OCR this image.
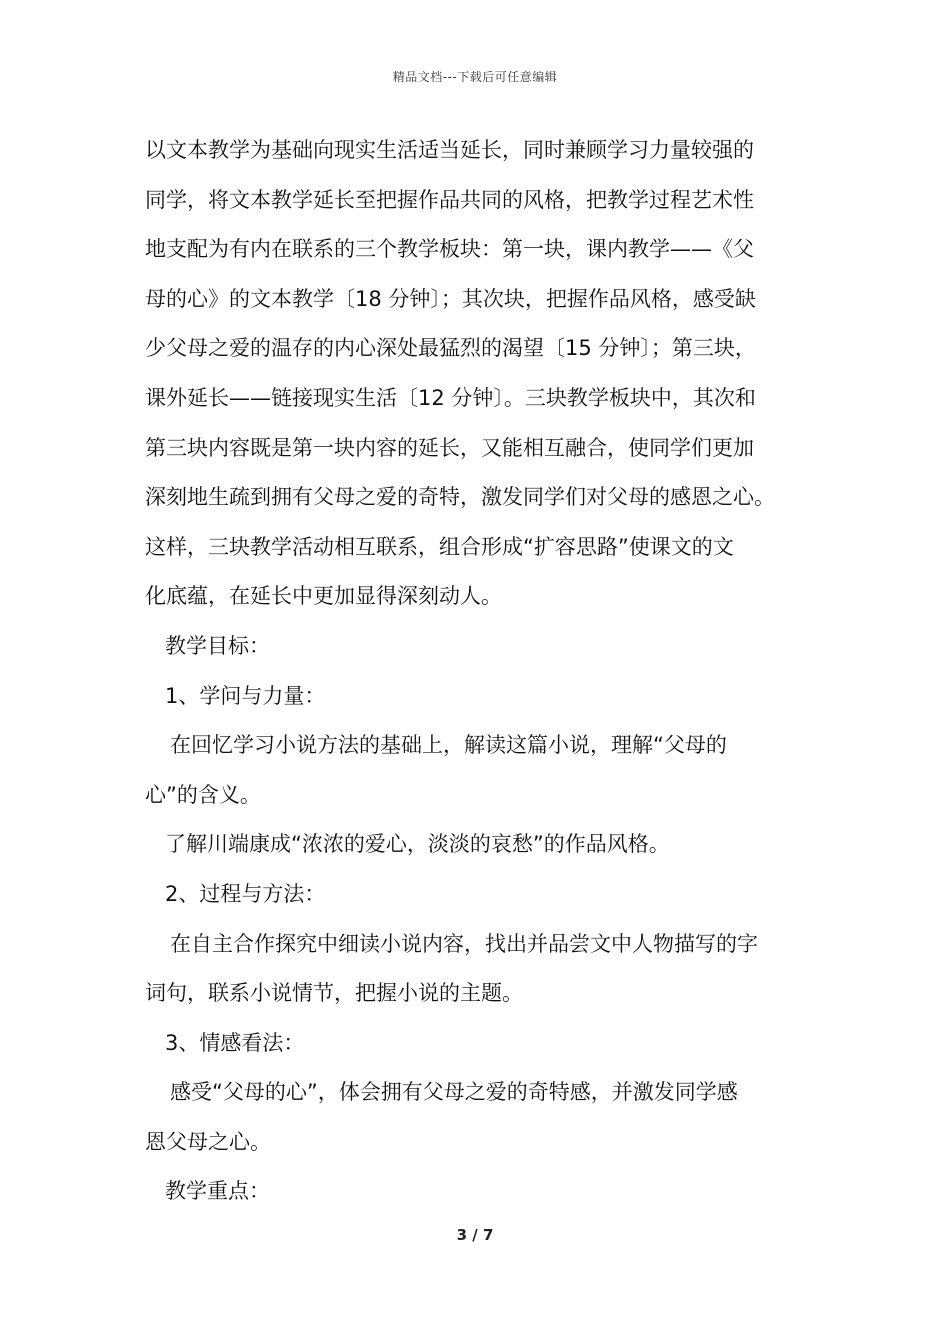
精品文档---下载后可任意编辑

以文本教学为基础向现实生活适当延长，同时兼顾学习力量较强的

同学，将文本教学延长至把握作品共同的风格，把教学过程艺术性

地支配为有内在联系的三个教学板块：第一块，课内教学——《父

母的心》的文本教学〔18 分钟〕；其次块，把握作品风格，感受缺

少父母之爱的温存的内心深处最猛烈的渴望〔15 分钟〕；第三块，

课外延长——链接现实生活〔12 分钟〕。三块教学板块中，其次和

第三块内容既是第一块内容的延长，又能相互融合，使同学们更加

深刻地生疏到拥有父母之爱的奇特，激发同学们对父母的感恩之心。

这样，三块教学活动相互联系，组合形成“扩容思路”使课文的文

化底蕴，在延长中更加显得深刻动人。

教学目标：

1、学问与力量：

在回忆学习小说方法的基础上，解读这篇小说，理解“父母的

心”的含义。

了解川端康成“浓浓的爱心，淡淡的哀愁”的作品风格。

2、过程与方法：

在自主合作探究中细读小说内容，找出并品尝文中人物描写的字

词句，联系小说情节，把握小说的主题。

3、情感看法：

感受“父母的心”，体会拥有父母之爱的奇特感，并激发同学感

恩父母之心。

教学重点：

3 / 7
